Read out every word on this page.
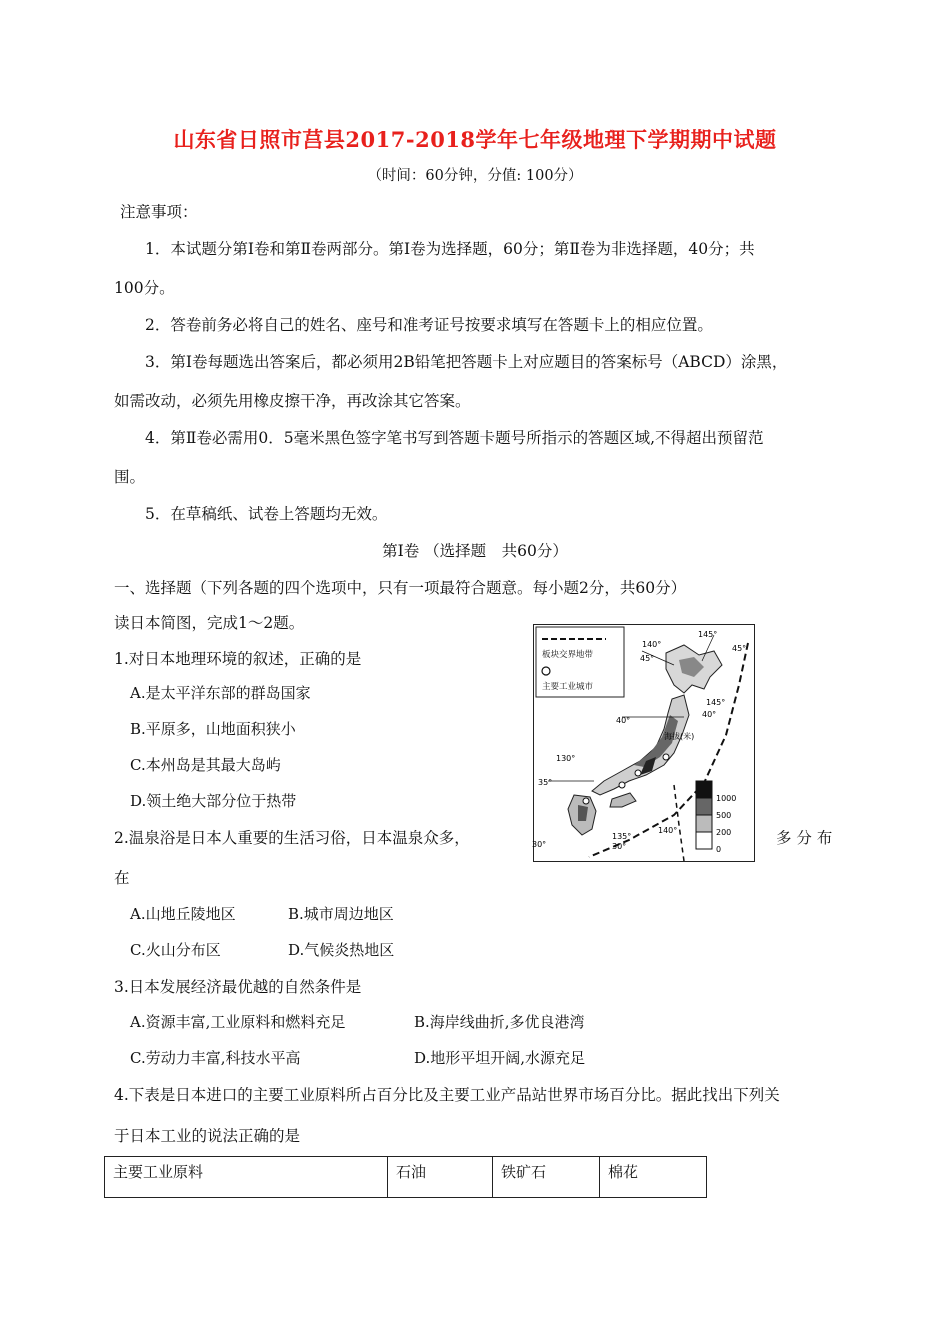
山东省日照市莒县2017-2018学年七年级地理下学期期中试题
（时间：60分钟，分值: 100分）
注意事项：
1．本试题分第Ⅰ卷和第Ⅱ卷两部分。第Ⅰ卷为选择题，60分；第Ⅱ卷为非选择题，40分；共
100分。
2．答卷前务必将自己的姓名、座号和准考证号按要求填写在答题卡上的相应位置。
3．第Ⅰ卷每题选出答案后，都必须用2B铅笔把答题卡上对应题目的答案标号（ABCD）涂黑，
如需改动，必须先用橡皮擦干净，再改涂其它答案。
4．第Ⅱ卷必需用0．5毫米黑色签字笔书写到答题卡题号所指示的答题区域,不得超出预留范
围。
5．在草稿纸、试卷上答题均无效。
第Ⅰ卷 （选择题　共60分）
一、选择题（下列各题的四个选项中，只有一项最符合题意。每小题2分，共60分）
读日本简图，完成1～2题。
1.对日本地理环境的叙述，正确的是
A.是太平洋东部的群岛国家
B.平原多，山地面积狭小
C.本州岛是其最大岛屿
D.领土绝大部分位于热带
2.温泉浴是日本人重要的生活习俗，日本温泉众多，	多 分 布
在
A.山地丘陵地区	B.城市周边地区
C.火山分布区	D.气候炎热地区
3.日本发展经济最优越的自然条件是
A.资源丰富,工业原料和燃料充足	B.海岸线曲折,多优良港湾
C.劳动力丰富,科技水平高	D.地形平坦开阔,水源充足
4.下表是日本进口的主要工业原料所占百分比及主要工业产品站世界市场百分比。据此找出下列关
于日本工业的说法正确的是
主要工业原料	石油	铁矿石	棉花
板块交界地带
主要工业城市
140°
145°
45°
45°
145°
40°
40°
130°
35°
30°
135°
30°
140°
海拔(米)
1000
500
200
0
